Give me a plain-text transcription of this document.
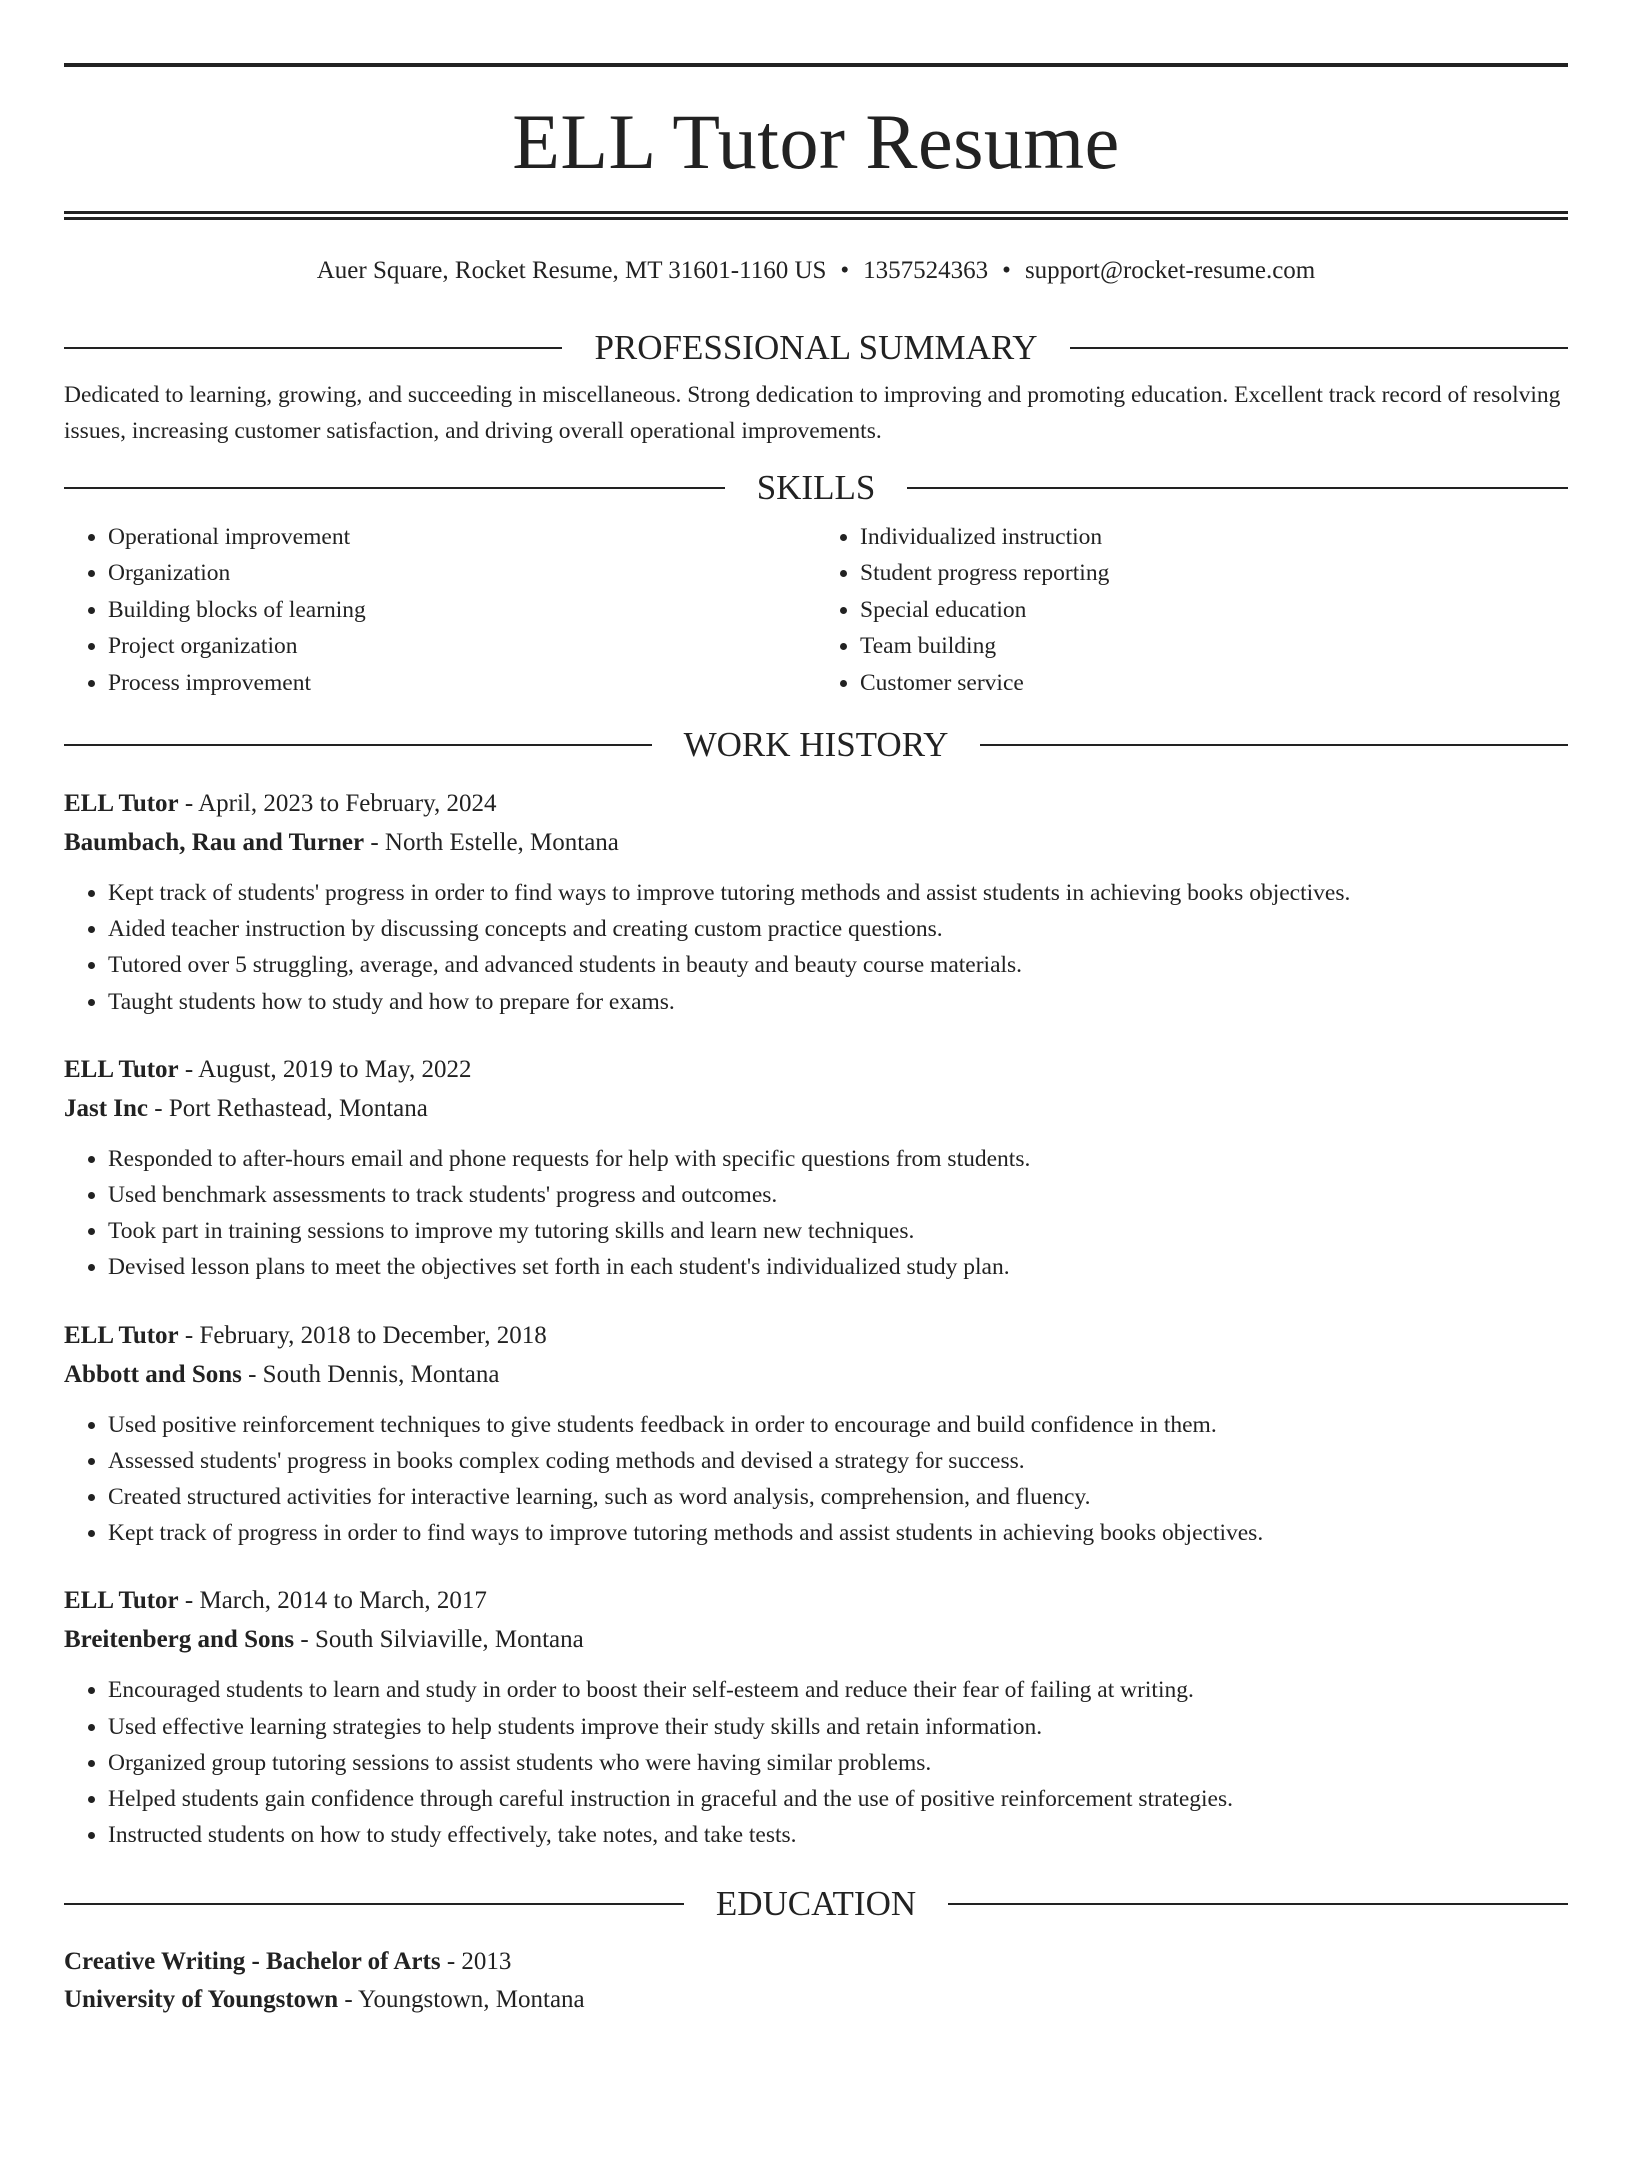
ELL Tutor Resume
Auer Square, Rocket Resume, MT 31601-1160 US • 1357524363 • support@rocket-resume.com
PROFESSIONAL SUMMARY

Dedicated to learning, growing, and succeeding in miscellaneous. Strong dedication to improving and promoting education. Excellent track record of resolving issues, increasing customer satisfaction, and driving overall operational improvements.

SKILLS
• Operational improvement
• Organization
• Building blocks of learning
• Project organization
• Process improvement
• Individualized instruction
• Student progress reporting
• Special education
• Team building
• Customer service
WORK HISTORY
ELL Tutor - April, 2023 to February, 2024
Baumbach, Rau and Turner - North Estelle, Montana
• Kept track of students' progress in order to find ways to improve tutoring methods and assist students in achieving books objectives.
• Aided teacher instruction by discussing concepts and creating custom practice questions.
• Tutored over 5 struggling, average, and advanced students in beauty and beauty course materials.
• Taught students how to study and how to prepare for exams.
ELL Tutor - August, 2019 to May, 2022
Jast Inc - Port Rethastead, Montana
• Responded to after-hours email and phone requests for help with specific questions from students.
• Used benchmark assessments to track students' progress and outcomes.
• Took part in training sessions to improve my tutoring skills and learn new techniques.
• Devised lesson plans to meet the objectives set forth in each student's individualized study plan.
ELL Tutor - February, 2018 to December, 2018
Abbott and Sons - South Dennis, Montana
• Used positive reinforcement techniques to give students feedback in order to encourage and build confidence in them.
• Assessed students' progress in books complex coding methods and devised a strategy for success.
• Created structured activities for interactive learning, such as word analysis, comprehension, and fluency.
• Kept track of progress in order to find ways to improve tutoring methods and assist students in achieving books objectives.
ELL Tutor - March, 2014 to March, 2017
Breitenberg and Sons - South Silviaville, Montana
• Encouraged students to learn and study in order to boost their self-esteem and reduce their fear of failing at writing.
• Used effective learning strategies to help students improve their study skills and retain information.
• Organized group tutoring sessions to assist students who were having similar problems.
• Helped students gain confidence through careful instruction in graceful and the use of positive reinforcement strategies.
• Instructed students on how to study effectively, take notes, and take tests.
EDUCATION
Creative Writing - Bachelor of Arts - 2013
University of Youngstown - Youngstown, Montana
